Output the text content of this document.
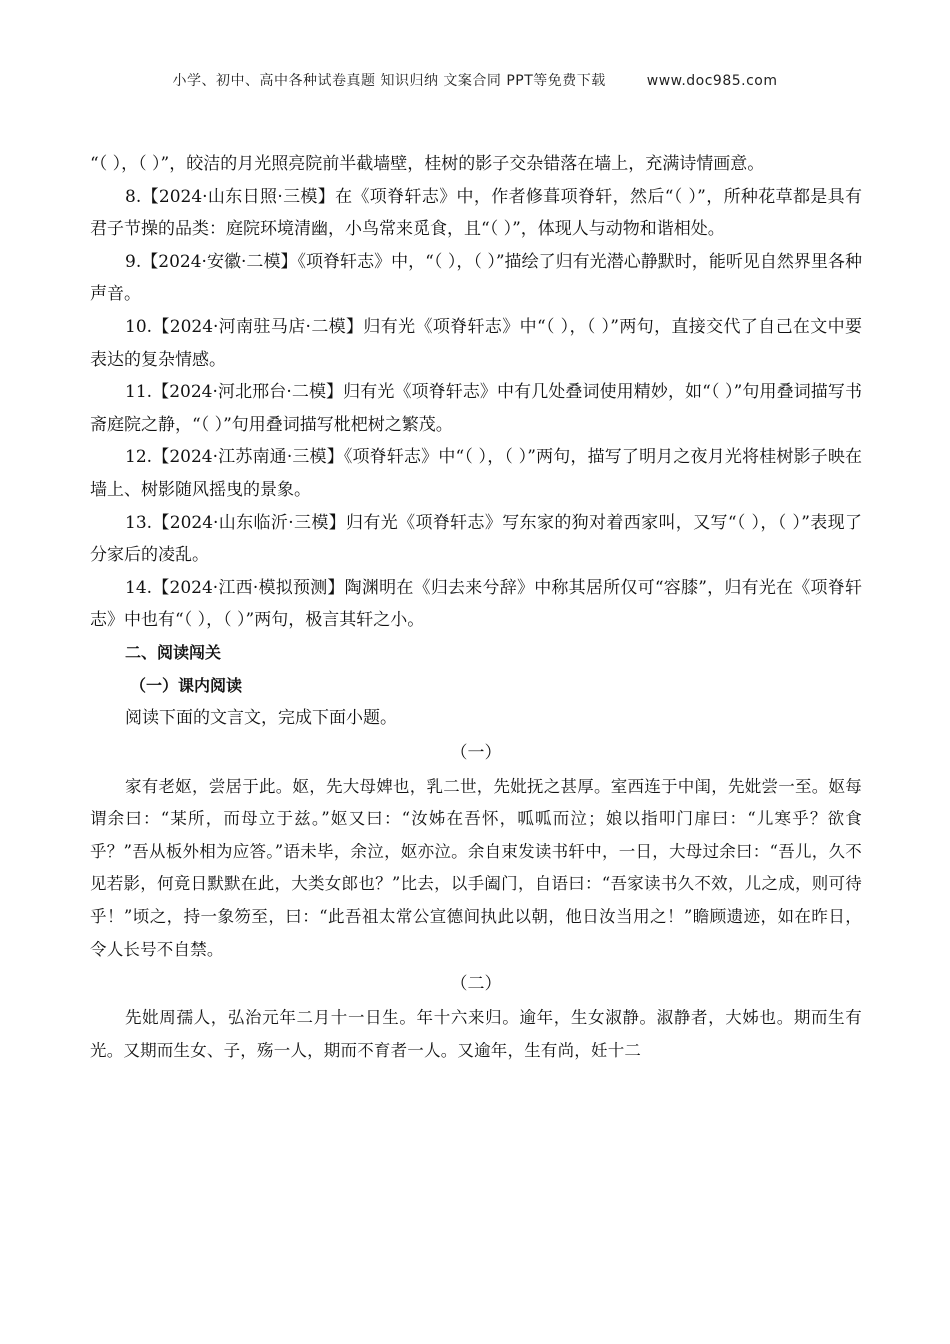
小学、初中、高中各种试卷真题 知识归纳 文案合同 PPT等免费下载	www.doc985.com

“（ ），（ ）”，皎洁的月光照亮院前半截墙壁，桂树的影子交杂错落在墙上，充满诗情画意。

8.【2024·山东日照·三模】在《项脊轩志》中，作者修葺项脊轩，然后“（ ）”，所种花草都是具有君子节操的品类：庭院环境清幽，小鸟常来觅食，且“（ ）”，体现人与动物和谐相处。

9.【2024·安徽·二模】《项脊轩志》中，“（ ），（ ）”描绘了归有光潜心静默时，能听见自然界里各种声音。

10.【2024·河南驻马店·二模】归有光《项脊轩志》中“（ ），（ ）”两句，直接交代了自己在文中要表达的复杂情感。

11.【2024·河北邢台·二模】归有光《项脊轩志》中有几处叠词使用精妙，如“（ ）”句用叠词描写书斋庭院之静，“（ ）”句用叠词描写枇杷树之繁茂。

12.【2024·江苏南通·三模】《项脊轩志》中“（ ），（ ）”两句，描写了明月之夜月光将桂树影子映在墙上、树影随风摇曳的景象。

13.【2024·山东临沂·三模】归有光《项脊轩志》写东家的狗对着西家叫，又写“（ ），（ ）”表现了分家后的凌乱。

14.【2024·江西·模拟预测】陶渊明在《归去来兮辞》中称其居所仅可“容膝”，归有光在《项脊轩志》中也有“（ ），（ ）”两句，极言其轩之小。

二、阅读闯关

（一）课内阅读

阅读下面的文言文，完成下面小题。

（一）

家有老妪，尝居于此。妪，先大母婢也，乳二世，先妣抚之甚厚。室西连于中闺，先妣尝一至。妪每谓余曰：“某所，而母立于兹。”妪又曰：“汝姊在吾怀，呱呱而泣；娘以指叩门扉曰：“儿寒乎？欲食乎？”吾从板外相为应答。”语未毕，余泣，妪亦泣。余自束发读书轩中，一日，大母过余曰：“吾儿，久不见若影，何竟日默默在此，大类女郎也？”比去，以手阖门，自语曰：“吾家读书久不效，儿之成，则可待乎！”顷之，持一象笏至，曰：“此吾祖太常公宣德间执此以朝，他日汝当用之！”瞻顾遗迹，如在昨日，令人长号不自禁。

（二）

先妣周孺人，弘治元年二月十一日生。年十六来归。逾年，生女淑静。淑静者，大姊也。期而生有光。又期而生女、子，殇一人，期而不育者一人。又逾年，生有尚，妊十二
